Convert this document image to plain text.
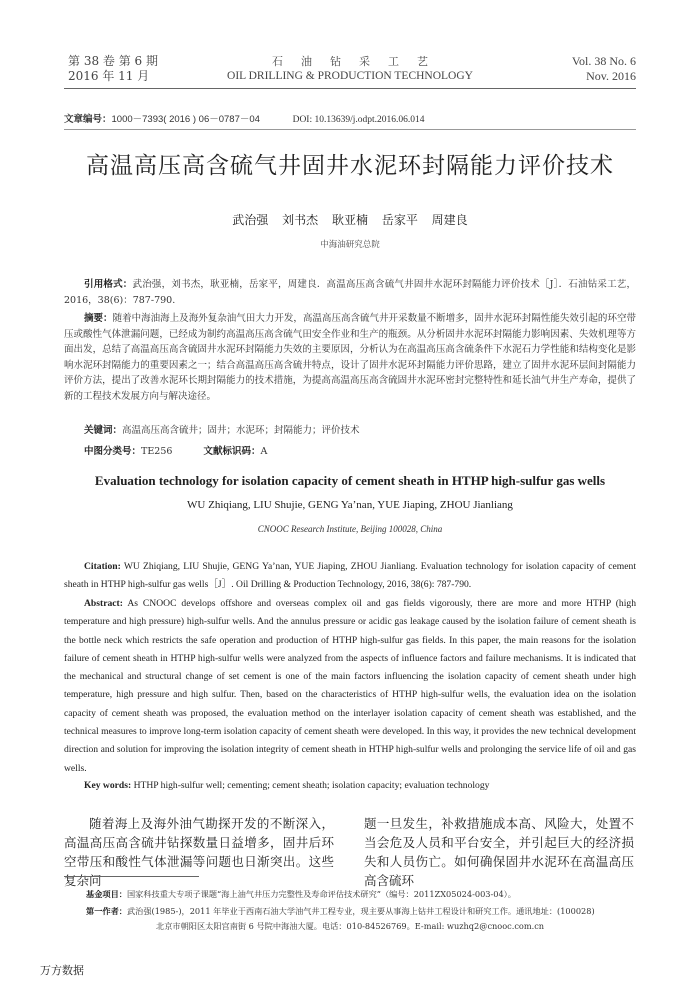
第 38 卷 第 6 期
2016 年 11 月
石油钻采工艺
OIL DRILLING & PRODUCTION TECHNOLOGY
Vol. 38 No. 6
Nov. 2016
文章编号：1000－7393( 2016 ) 06－0787－04	DOI: 10.13639/j.odpt.2016.06.014
高温高压高含硫气井固井水泥环封隔能力评价技术
武治强 刘书杰 耿亚楠 岳家平 周建良
中海油研究总院
引用格式：武治强，刘书杰，耿亚楠，岳家平，周建良．高温高压高含硫气井固井水泥环封隔能力评价技术［J］．石油钻采工艺，2016，38(6)：787-790.
摘要：随着中海油海上及海外复杂油气田大力开发，高温高压高含硫气井开采数量不断增多，固井水泥环封隔性能失效引起的环空带压或酸性气体泄漏问题，已经成为制约高温高压高含硫气田安全作业和生产的瓶颈。从分析固井水泥环封隔能力影响因素、失效机理等方面出发，总结了高温高压高含硫固井水泥环封隔能力失效的主要原因，分析认为在高温高压高含硫条件下水泥石力学性能和结构变化是影响水泥环封隔能力的重要因素之一；结合高温高压高含硫井特点，设计了固井水泥环封隔能力评价思路，建立了固井水泥环层间封隔能力评价方法，提出了改善水泥环长期封隔能力的技术措施，为提高高温高压高含硫固井水泥环密封完整特性和延长油气井生产寿命，提供了新的工程技术发展方向与解决途径。
关键词：高温高压高含硫井；固井；水泥环；封隔能力；评价技术
中图分类号：TE256	文献标识码：A
Evaluation technology for isolation capacity of cement sheath in HTHP high-sulfur gas wells
WU Zhiqiang, LIU Shujie, GENG Ya’nan, YUE Jiaping, ZHOU Jianliang
CNOOC Research Institute, Beijing 100028, China
Citation: WU Zhiqiang, LIU Shujie, GENG Ya’nan, YUE Jiaping, ZHOU Jianliang. Evaluation technology for isolation capacity of cement sheath in HTHP high-sulfur gas wells［J］. Oil Drilling & Production Technology, 2016, 38(6): 787-790.
Abstract: As CNOOC develops offshore and overseas complex oil and gas fields vigorously, there are more and more HTHP (high temperature and high pressure) high-sulfur wells. And the annulus pressure or acidic gas leakage caused by the isolation failure of cement sheath is the bottle neck which restricts the safe operation and production of HTHP high-sulfur gas fields. In this paper, the main reasons for the isolation failure of cement sheath in HTHP high-sulfur wells were analyzed from the aspects of influence factors and failure mechanisms. It is indicated that the mechanical and structural change of set cement is one of the main factors influencing the isolation capacity of cement sheath under high temperature, high pressure and high sulfur. Then, based on the characteristics of HTHP high-sulfur wells, the evaluation idea on the isolation capacity of cement sheath was proposed, the evaluation method on the interlayer isolation capacity of cement sheath was established, and the technical measures to improve long-term isolation capacity of cement sheath were developed. In this way, it provides the new technical development direction and solution for improving the isolation integrity of cement sheath in HTHP high-sulfur wells and prolonging the service life of oil and gas wells.
Key words: HTHP high-sulfur well; cementing; cement sheath; isolation capacity; evaluation technology
随着海上及海外油气勘探开发的不断深入，高温高压高含硫井钻探数量日益增多，固井后环空带压和酸性气体泄漏等问题也日渐突出。这些复杂问
题一旦发生，补救措施成本高、风险大，处置不当会危及人员和平台安全，并引起巨大的经济损失和人员伤亡。如何确保固井水泥环在高温高压高含硫环
基金项目：国家科技重大专项子课题“海上油气井压力完整性及寿命评估技术研究”（编号：2011ZX05024-003-04）。
第一作者：武治强(1985-)，2011 年毕业于西南石油大学油气井工程专业，现主要从事海上钻井工程设计和研究工作。通讯地址：(100028)
北京市朝阳区太阳宫南街 6 号院中海油大厦。电话：010-84526769。E-mail: wuzhq2@cnooc.com.cn
万方数据
